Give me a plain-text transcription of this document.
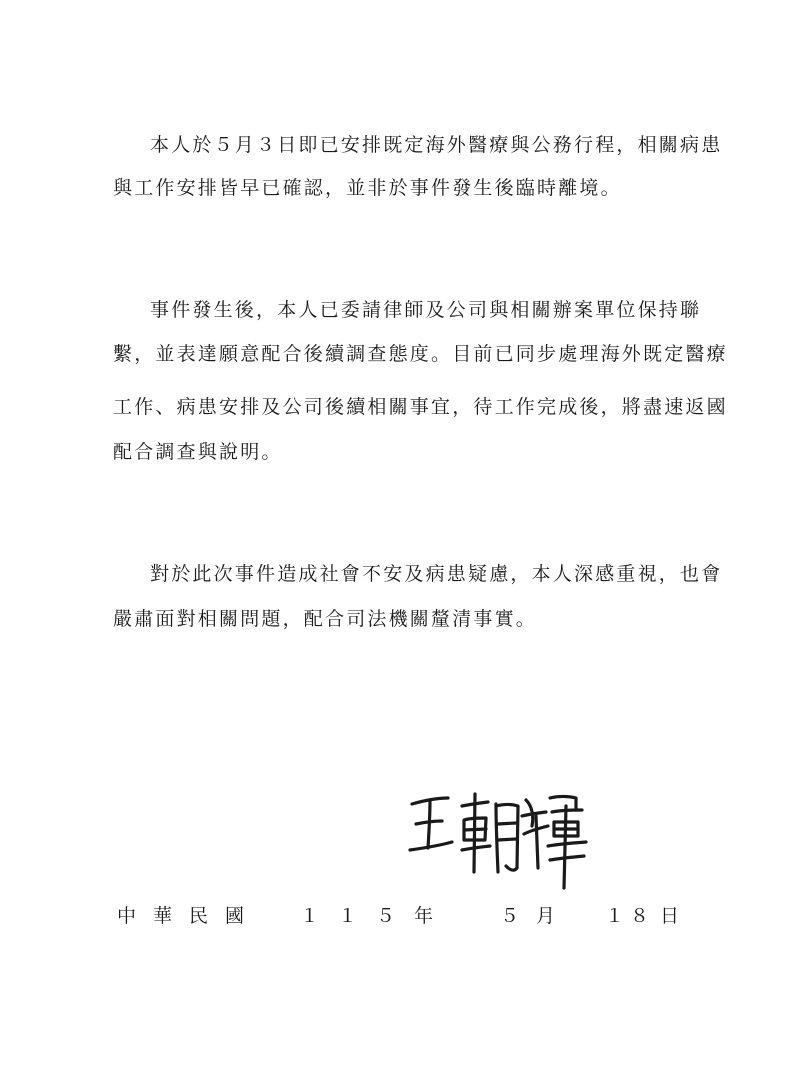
本人於５月３日即已安排既定海外醫療與公務行程，相關病患
與工作安排皆早已確認，並非於事件發生後臨時離境。
事件發生後，本人已委請律師及公司與相關辦案單位保持聯
繫，並表達願意配合後續調查態度。目前已同步處理海外既定醫療
工作、病患安排及公司後續相關事宜，待工作完成後，將盡速返國
配合調查與說明。
對於此次事件造成社會不安及病患疑慮，本人深感重視，也會
嚴肅面對相關問題，配合司法機關釐清事實。
中 華 民 國	１ １ ５ 年	５ 月	１ ８ 日
